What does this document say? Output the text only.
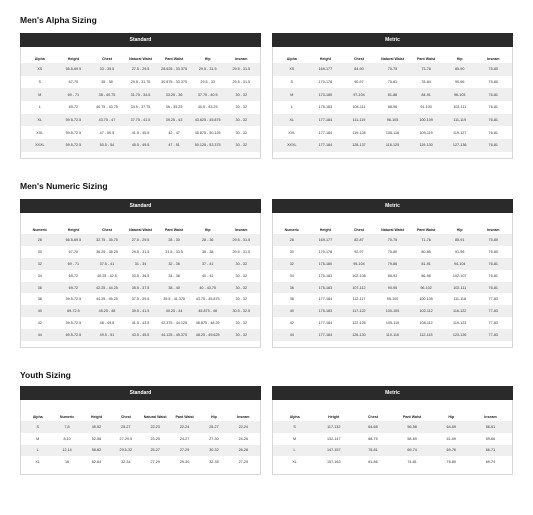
Men's Alpha Sizing
Men's Numeric Sizing
Youth Sizing
Standard
Alpha	Height	Chest	Natural Waist	Pant Waist	Hip	Inseam
XS	55.5-69.5	33 - 35.5	27.5 - 29.5	28.625 - 33.375	29.5 - 31.5	29.5 - 31.5
S	67-70	35 - 38	29.5 - 31.75	30.875 - 33.375	29.5 - 33	29.5 - 31.5
M	69 - 71	38 - 40.75	31.75 - 34.5	33.25 - 36	37.75 - 40.5	30 - 32
L	69-72	40.75 - 43.75	34.5 - 37.75	36 - 35.25	40.5 - 43.25	30 - 32
XL	59.5-72.5	43.75 - 47	37.75 - 41.5	39.25 - 43	43.625 - 45.875	30 - 32
XXL	59.5-72.5	47 - 50.5	41.5 - 45.5	42 - 47	45.875 - 50.125	30 - 32
XXXL	59.5-72.5	50.5 - 54	45.5 - 49.5	47 - 51	50.125 - 53.375	30 - 32
Metric
Alpha	Height	Chest	Natural Waist	Pant Waist	Hip	Inseam
XS	169-177	84-90	70-75	73-78	85-90	75-80
S	170-178	90-97	75-81	78-84	90-96	75-80
M	173-180	97-104	81-88	84-91	96-103	76-81
L	175-183	104-111	88-96	91-100	103-111	76-81
XL	177-184	111-119	96-105	100-109	111-119	76-81
XXL	177-184	119-128	105-116	109-119	119-127	76-81
XXXL	177-184	128-137	116-125	119-130	127-136	76-81
Standard
Numeric	Height	Chest	Natural Waist	Pant Waist	Hip	Inseam
28	66.5-69.5	32.75 - 35.75	27.5 - 29.5	28 - 30	28 - 36	29.5 - 31.5
30	67-70	36.25 - 38.25	29.5 - 31.5	31.5 - 33.5	36 - 38	29.5 - 31.5
32	69 - 71	37.5 - 41	31 - 34	32 - 36	37 - 41	30 - 32
34	69-72	40.25 - 42.5	33.5 - 36.5	34 - 38	40 - 42	30 - 32
36	69-72	42.25 - 44.25	35.5 - 37.5	38 - 40	40 - 43.75	30 - 32
38	59.5-72.5	44.25 - 45.25	37.5 - 39.5	39.5 - 41.375	43.75 - 45.875	30 - 32
40	69-72.5	45.25 - 48	39.5 - 41.5	40.25 - 44	45.875 - 48	30.5 - 32.5
42	59.5-72.5	48 - 49.5	41.5 - 43.5	42.375 - 44.125	46.875 - 48.25	30 - 32
44	69.5-72.5	49.5 - 51	43.5 - 45.5	44.125 - 45.375	48.25 - 49.625	30 - 32
Metric
Numeric	Height	Chest	Natural Waist	Pant Waist	Hip	Inseam
28	169-177	82-87	70-75	71-76	85-91	75-80
30	170-178	92-97	75-80	80-85	91-96	75-80
32	175-180	95-104	79-86	81-91	94-104	76-81
34	175-183	102-108	85-93	86-96	102-107	76-81
36	175-183	107-112	90-95	96-102	102-111	76-81
38	177-184	112-117	95-100	100-105	111-116	77-83
40	175-183	117-122	100-105	102-112	116-122	77-83
42	177-184	122-126	105-110	108-112	119-123	77-83
44	177-184	126-130	110-116	112-115	123-126	77-83
Standard
Alpha	Numeric	Height	Chest	Natural Waist	Pant Waist	Hip	Inseam
S	7,8	45-52	25-27	22-23	22-24	25-27	22-24
M	8,10	52-58	27-29.5	23-25	24-27	27-30	24-26
L	12,14	58-62	29.5-32	25-27	27-29	30-32	26-28
XL	16	62-64	32-34	27-29	29-30	32-35	27-29
Metric
Alpha	Height	Chest	Pant Waist	Hip	Inseam
S	117-132	64-68	56-58	64-69	56-61
M	132-147	68-75	58-69	61-69	59-66
L	147-157	75-81	69-74	69-76	66-71
XL	157-163	81-86	74-81	76-89	69-74
